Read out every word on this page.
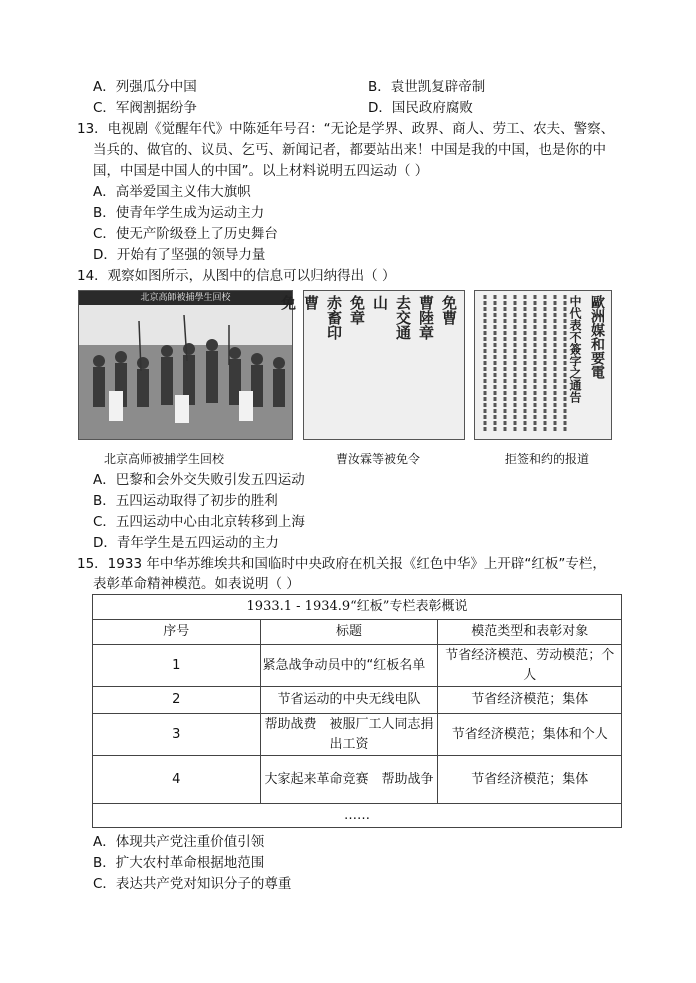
A．列强瓜分中国	B．袁世凯复辟帝制
C．军阀割据纷争	D．国民政府腐败
13．电视剧《觉醒年代》中陈延年号召：“无论是学界、政界、商人、劳工、农夫、警察、
当兵的、做官的、议员、乞丐、新闻记者，都要站出来！中国是我的中国，也是你的中
国，中国是中国人的中国”。以上材料说明五四运动（ ）
A．高举爱国主义伟大旗帜
B．使青年学生成为运动主力
C．使无产阶级登上了历史舞台
D．开始有了坚强的领导力量
14．观察如图所示，从图中的信息可以归纳得出（ ）
北京高師被捕學生回校	免曹
曹陸章
去交通
山
免章
赤畜印
曹
免	歐洲媒和要電
中代表不簽字之通告
北京高师被捕学生回校	曹汝霖等被免令	拒签和约的报道
A．巴黎和会外交失败引发五四运动
B．五四运动取得了初步的胜利
C．五四运动中心由北京转移到上海
D．青年学生是五四运动的主力
15．1933 年中华苏维埃共和国临时中央政府在机关报《红色中华》上开辟“红板”专栏，
表彰革命精神模范。如表说明（ ）
1933.1 - 1934.9“红板”专栏表彰概说		
序号	标题	模范类型和表彰对象
1	紧急战争动员中的“红板名单	节省经济模范、劳动模范；个人
2	节省运动的中央无线电队	节省经济模范；集体
3	帮助战费　被服厂工人同志捐出工资	节省经济模范；集体和个人
4	大家起来革命竞赛　帮助战争	节省经济模范；集体
……		
A．体现共产党注重价值引领
B．扩大农村革命根据地范围
C．表达共产党对知识分子的尊重
